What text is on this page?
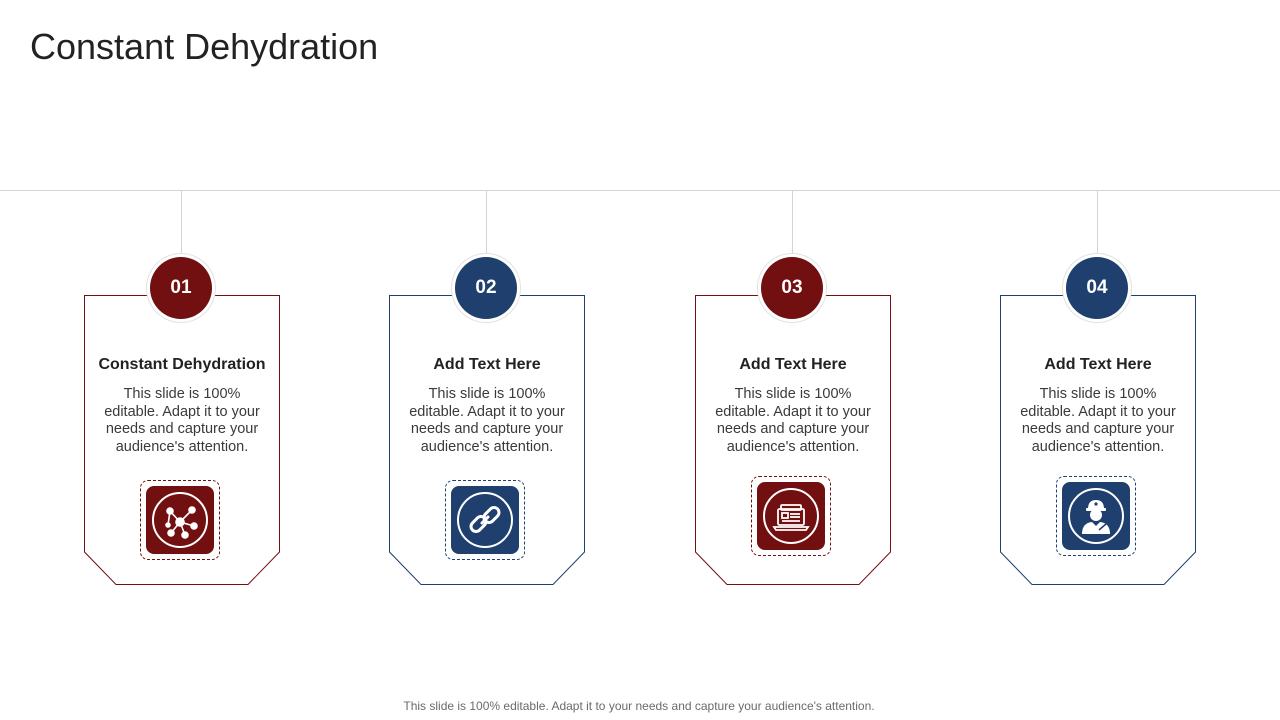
Constant Dehydration
01
Constant Dehydration
This slide is 100% editable. Adapt it to your needs and capture your audience's attention.
02
Add Text Here
This slide is 100% editable. Adapt it to your needs and capture your audience's attention.
03
Add Text Here
This slide is 100% editable. Adapt it to your needs and capture your audience's attention.
04
Add Text Here
This slide is 100% editable. Adapt it to your needs and capture your audience's attention.
This slide is 100% editable. Adapt it to your needs and capture your audience's attention.
